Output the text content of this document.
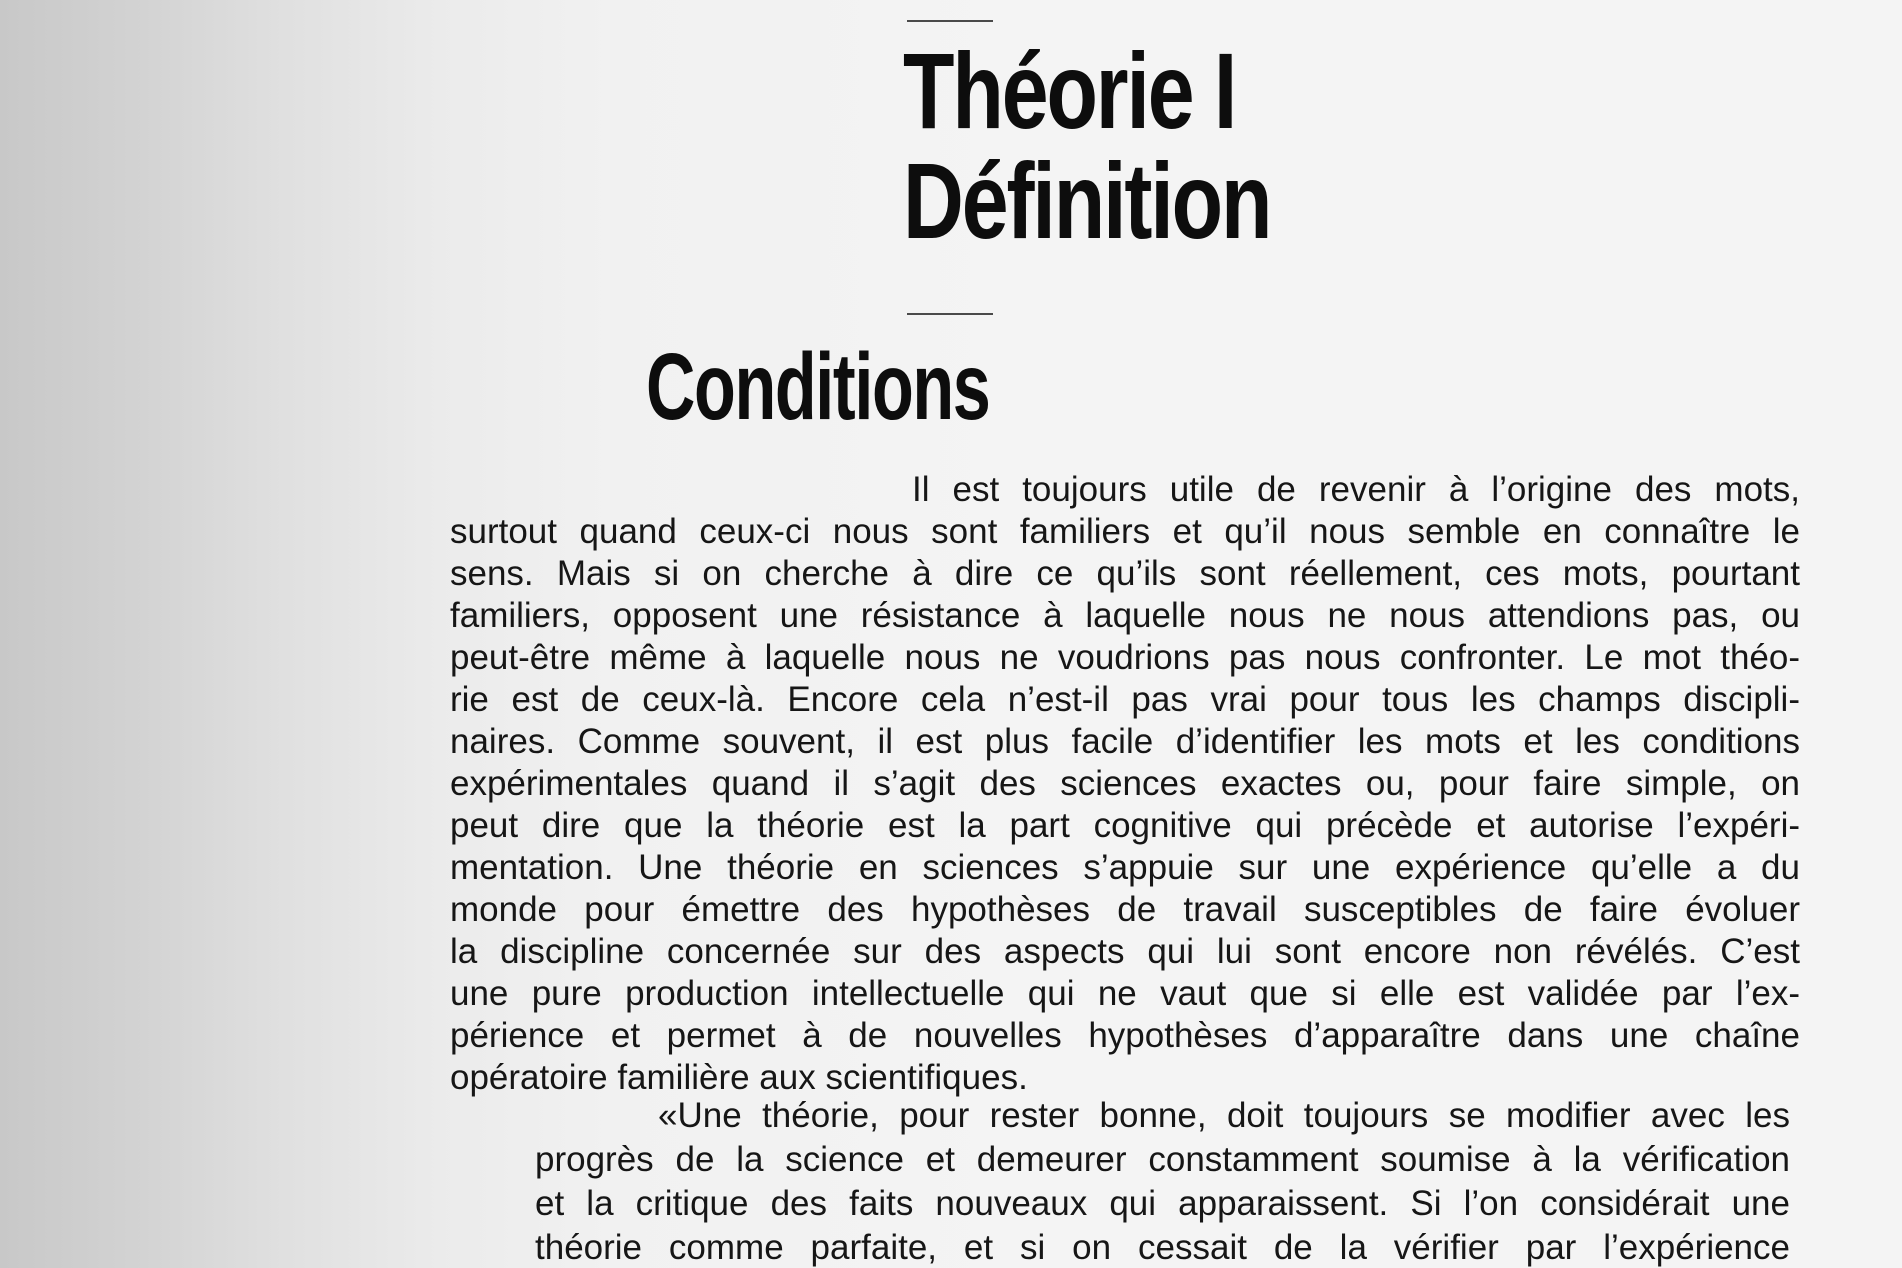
Théorie I
Définition
Conditions
Il est toujours utile de revenir à l’origine des mots,
surtout quand ceux-ci nous sont familiers et qu’il nous semble en connaître le
sens. Mais si on cherche à dire ce qu’ils sont réellement, ces mots, pourtant
familiers, opposent une résistance à laquelle nous ne nous attendions pas, ou
peut-être même à laquelle nous ne voudrions pas nous confronter. Le mot théo-
rie est de ceux-là. Encore cela n’est-il pas vrai pour tous les champs discipli-
naires. Comme souvent, il est plus facile d’identifier les mots et les conditions
expérimentales quand il s’agit des sciences exactes ou, pour faire simple, on
peut dire que la théorie est la part cognitive qui précède et autorise l’expéri-
mentation. Une théorie en sciences s’appuie sur une expérience qu’elle a du
monde pour émettre des hypothèses de travail susceptibles de faire évoluer
la discipline concernée sur des aspects qui lui sont encore non révélés. C’est
une pure production intellectuelle qui ne vaut que si elle est validée par l’ex-
périence et permet à de nouvelles hypothèses d’apparaître dans une chaîne
opératoire familière aux scientifiques.
«Une théorie, pour rester bonne, doit toujours se modifier avec les
progrès de la science et demeurer constamment soumise à la vérification
et la critique des faits nouveaux qui apparaissent. Si l’on considérait une
théorie comme parfaite, et si on cessait de la vérifier par l’expérience
